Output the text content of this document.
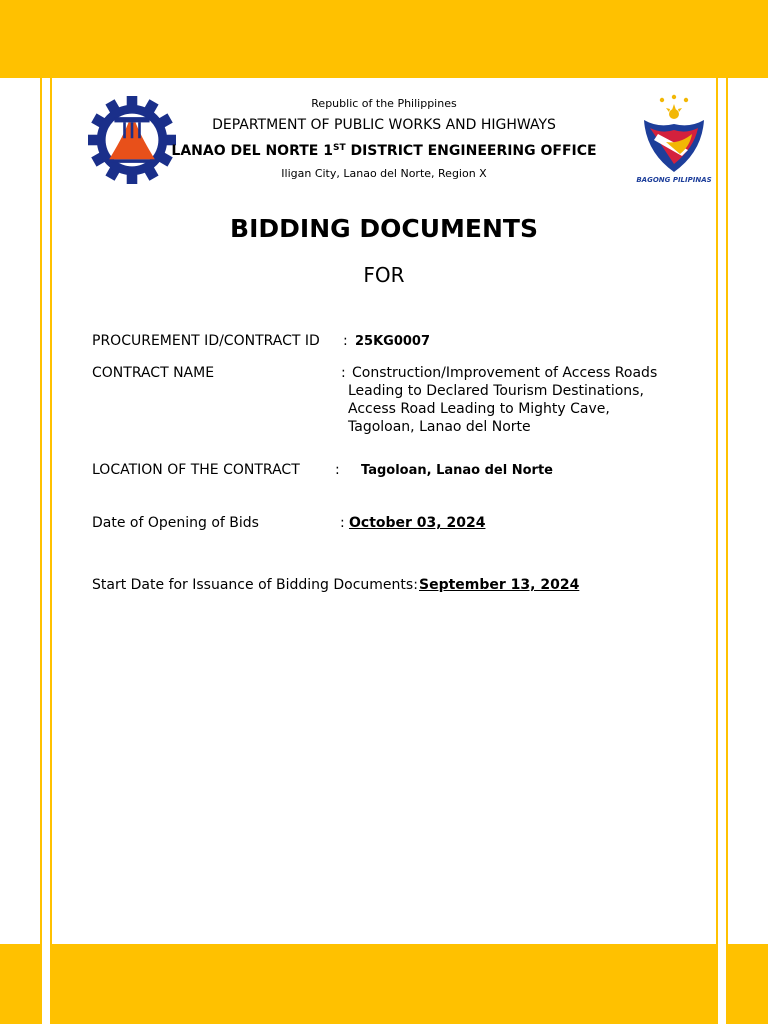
BAGONG PILIPINAS
Republic of the Philippines
DEPARTMENT OF PUBLIC WORKS AND HIGHWAYS
LANAO DEL NORTE 1ST DISTRICT ENGINEERING OFFICE
Iligan City, Lanao del Norte, Region X
BIDDING DOCUMENTS
FOR
PROCUREMENT ID/CONTRACT ID : 25KG0007
CONTRACT NAME	: Construction/Improvement of Access Roads
Leading to Declared Tourism Destinations,
Access Road Leading to Mighty Cave,
Tagoloan, Lanao del Norte
LOCATION OF THE CONTRACT	: Tagoloan, Lanao del Norte
Date of Opening of Bids	: October 03, 2024
Start Date for Issuance of Bidding Documents: September 13, 2024
